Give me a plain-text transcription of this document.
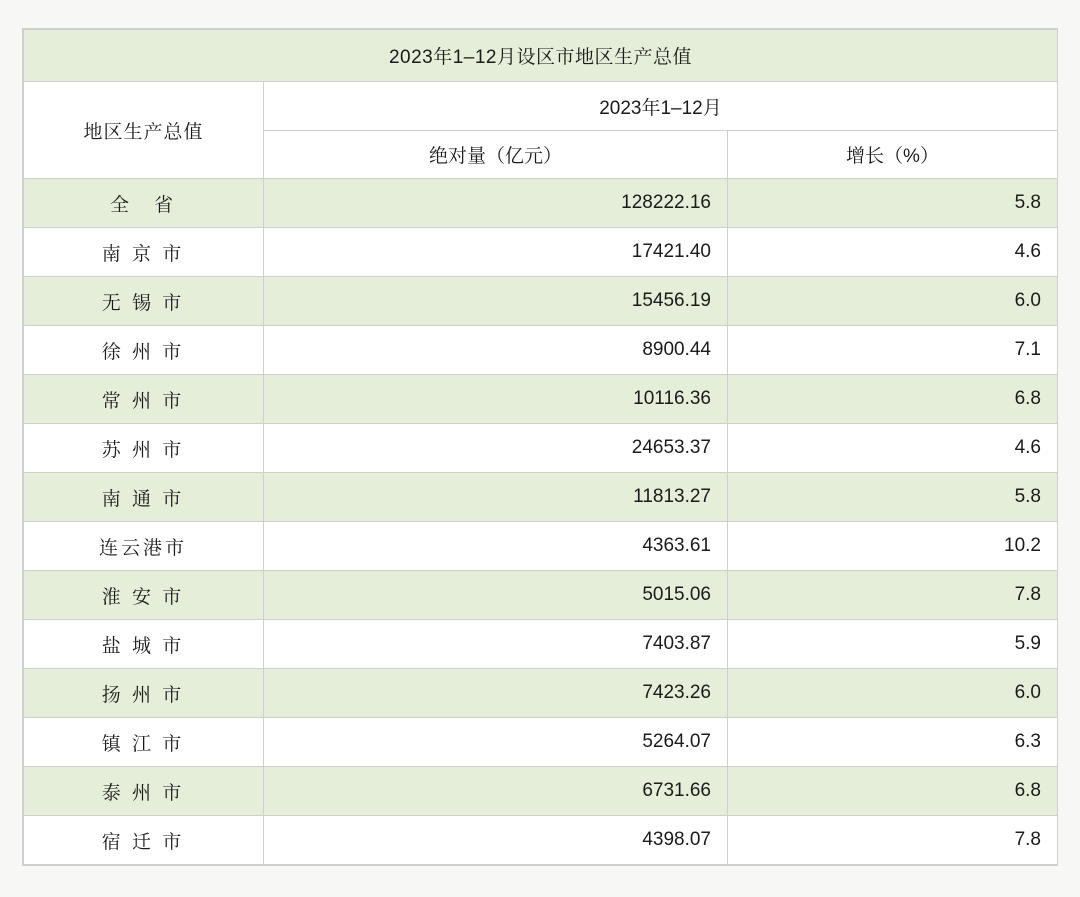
2023年1–12月设区市地区生产总值		
地区生产总值	2023年1–12月	
	绝对量（亿元）	增长（%）
全　省	128222.16	5.8
南 京 市	17421.40	4.6
无 锡 市	15456.19	6.0
徐 州 市	8900.44	7.1
常 州 市	10116.36	6.8
苏 州 市	24653.37	4.6
南 通 市	11813.27	5.8
连云港市	4363.61	10.2
淮 安 市	5015.06	7.8
盐 城 市	7403.87	5.9
扬 州 市	7423.26	6.0
镇 江 市	5264.07	6.3
泰 州 市	6731.66	6.8
宿 迁 市	4398.07	7.8
